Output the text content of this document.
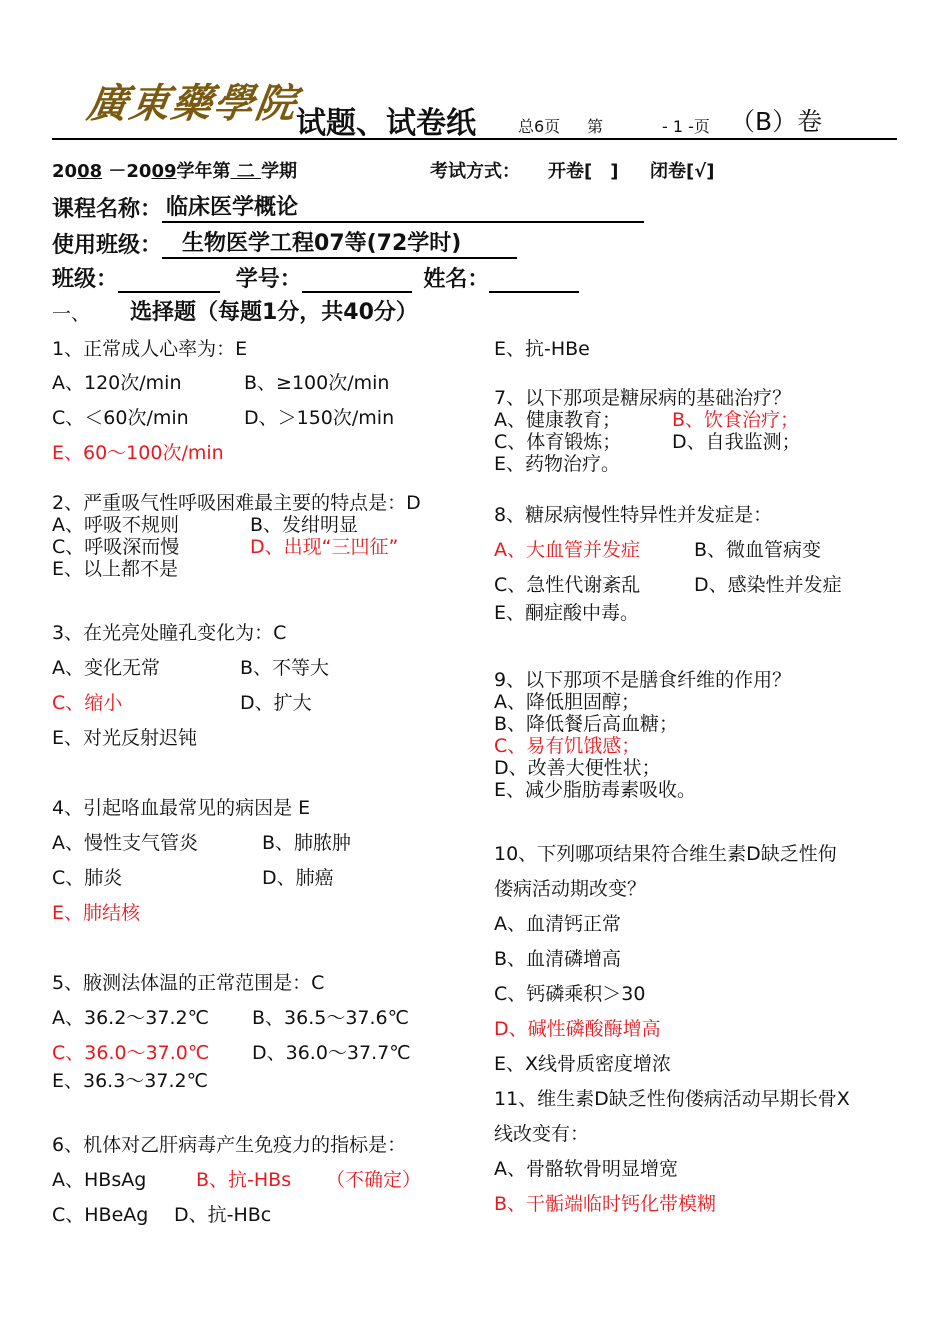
廣東藥學院
试题、试卷纸	总6页 第	- 1 -页 （B）卷
2008 －2009学年第 二 学期	考试方式： 开卷[　] 闭卷[√]
课程名称： 临床医学概论
使用班级： 生物医学工程07等(72学时)
班级：	学号：	姓名：
一、 选择题（每题1分，共40分）
1、正常成人心率为：E
A、120次/min	B、≥100次/min
C、＜60次/min	D、＞150次/min
E、60～100次/min
2、严重吸气性呼吸困难最主要的特点是：D
A、呼吸不规则	B、发绀明显
C、呼吸深而慢	D、出现“三凹征”
E、以上都不是
3、在光亮处瞳孔变化为：C
A、变化无常	B、不等大
C、缩小	D、扩大
E、对光反射迟钝
4、引起咯血最常见的病因是 E
A、慢性支气管炎	B、肺脓肿
C、肺炎	D、肺癌
E、肺结核
5、腋测法体温的正常范围是：C
A、36.2～37.2℃ B、36.5～37.6℃
C、36.0～37.0℃ D、36.0～37.7℃
E、36.3～37.2℃
6、机体对乙肝病毒产生免疫力的指标是：
A、HBsAg	B、抗-HBs （不确定）
C、HBeAg D、抗-HBc
E、抗-HBe
7、以下那项是糖尿病的基础治疗？
A、健康教育；	B、饮食治疗；
C、体育锻炼；	D、自我监测；
E、药物治疗。
8、糖尿病慢性特异性并发症是：
A、大血管并发症	B、微血管病变
C、急性代谢紊乱	D、感染性并发症
E、酮症酸中毒。
9、以下那项不是膳食纤维的作用？
A、降低胆固醇；
B、降低餐后高血糖；
C、易有饥饿感；
D、改善大便性状；
E、减少脂肪毒素吸收。
10、下列哪项结果符合维生素D缺乏性佝
偻病活动期改变？
A、血清钙正常
B、血清磷增高
C、钙磷乘积＞30
D、碱性磷酸酶增高
E、X线骨质密度增浓
11、维生素D缺乏性佝偻病活动早期长骨X
线改变有：
A、骨骼软骨明显增宽
B、干骺端临时钙化带模糊
